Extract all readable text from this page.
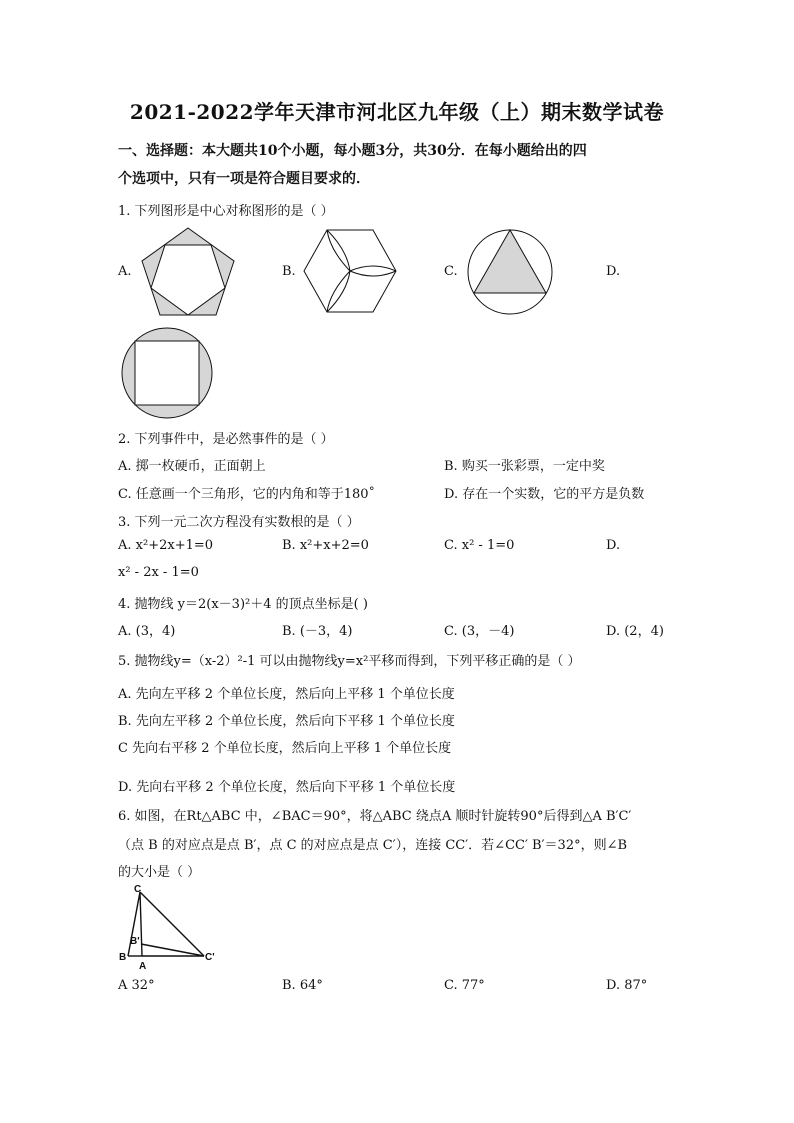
2021-2022学年天津市河北区九年级（上）期末数学试卷
一、选择题：本大题共10个小题，每小题3分，共30分．在每小题给出的四
个选项中，只有一项是符合题目要求的．
1. 下列图形是中心对称图形的是（ ）
A.	B.	C.	D.
2. 下列事件中，是必然事件的是（ ）
A. 掷一枚硬币，正面朝上	B. 购买一张彩票，一定中奖
C. 任意画一个三角形，它的内角和等于180˚	D. 存在一个实数，它的平方是负数
3. 下列一元二次方程没有实数根的是（ ）
A. x²+2x+1=0	B. x²+x+2=0	C. x² - 1=0	D.
x² - 2x - 1=0
4. 抛物线 y＝2(x－3)²＋4 的顶点坐标是( )
A. (3，4)	B. (－3，4)	C. (3，－4)	D. (2，4)
5. 抛物线y=（x-2）²-1 可以由抛物线y=x²平移而得到，下列平移正确的是（ ）
A. 先向左平移 2 个单位长度，然后向上平移 1 个单位长度
B. 先向左平移 2 个单位长度，然后向下平移 1 个单位长度
C 先向右平移 2 个单位长度，然后向上平移 1 个单位长度
D. 先向右平移 2 个单位长度，然后向下平移 1 个单位长度
6. 如图，在Rt△ABC 中，∠BAC＝90°，将△ABC 绕点A 顺时针旋转90°后得到△A B′C′
（点 B 的对应点是点 B′，点 C 的对应点是点 C′），连接 CC′．若∠CC′ B′＝32°，则∠B
的大小是（ ）
C
B'
B
A
C'
A 32°	B. 64°	C. 77°	D. 87°
